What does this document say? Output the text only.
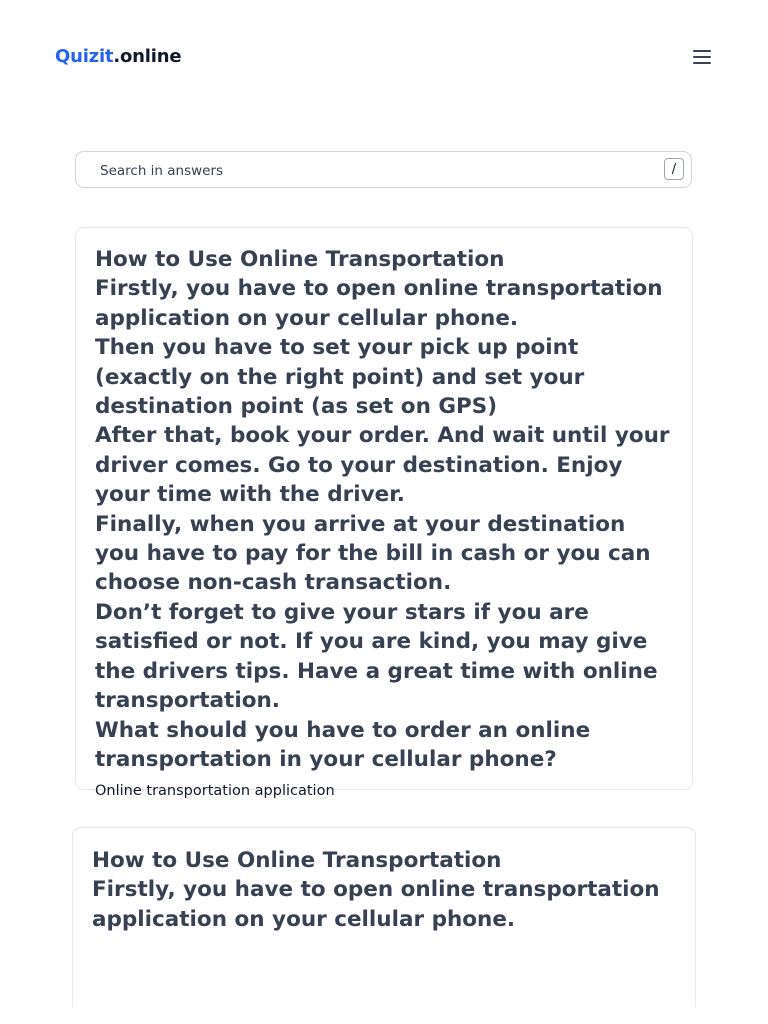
Quizit.online
Search in answers
/
How to Use Online Transportation
Firstly, you have to open online transportation application on your cellular phone.
Then you have to set your pick up point (exactly on the right point) and set your destination point (as set on GPS)
After that, book your order. And wait until your driver comes. Go to your destination. Enjoy your time with the driver.
Finally, when you arrive at your destination you have to pay for the bill in cash or you can choose non-cash transaction.
Don’t forget to give your stars if you are satisfied or not. If you are kind, you may give the drivers tips. Have a great time with online transportation.
What should you have to order an online transportation in your cellular phone?
Online transportation application
How to Use Online Transportation
Firstly, you have to open online transportation application on your cellular phone.
